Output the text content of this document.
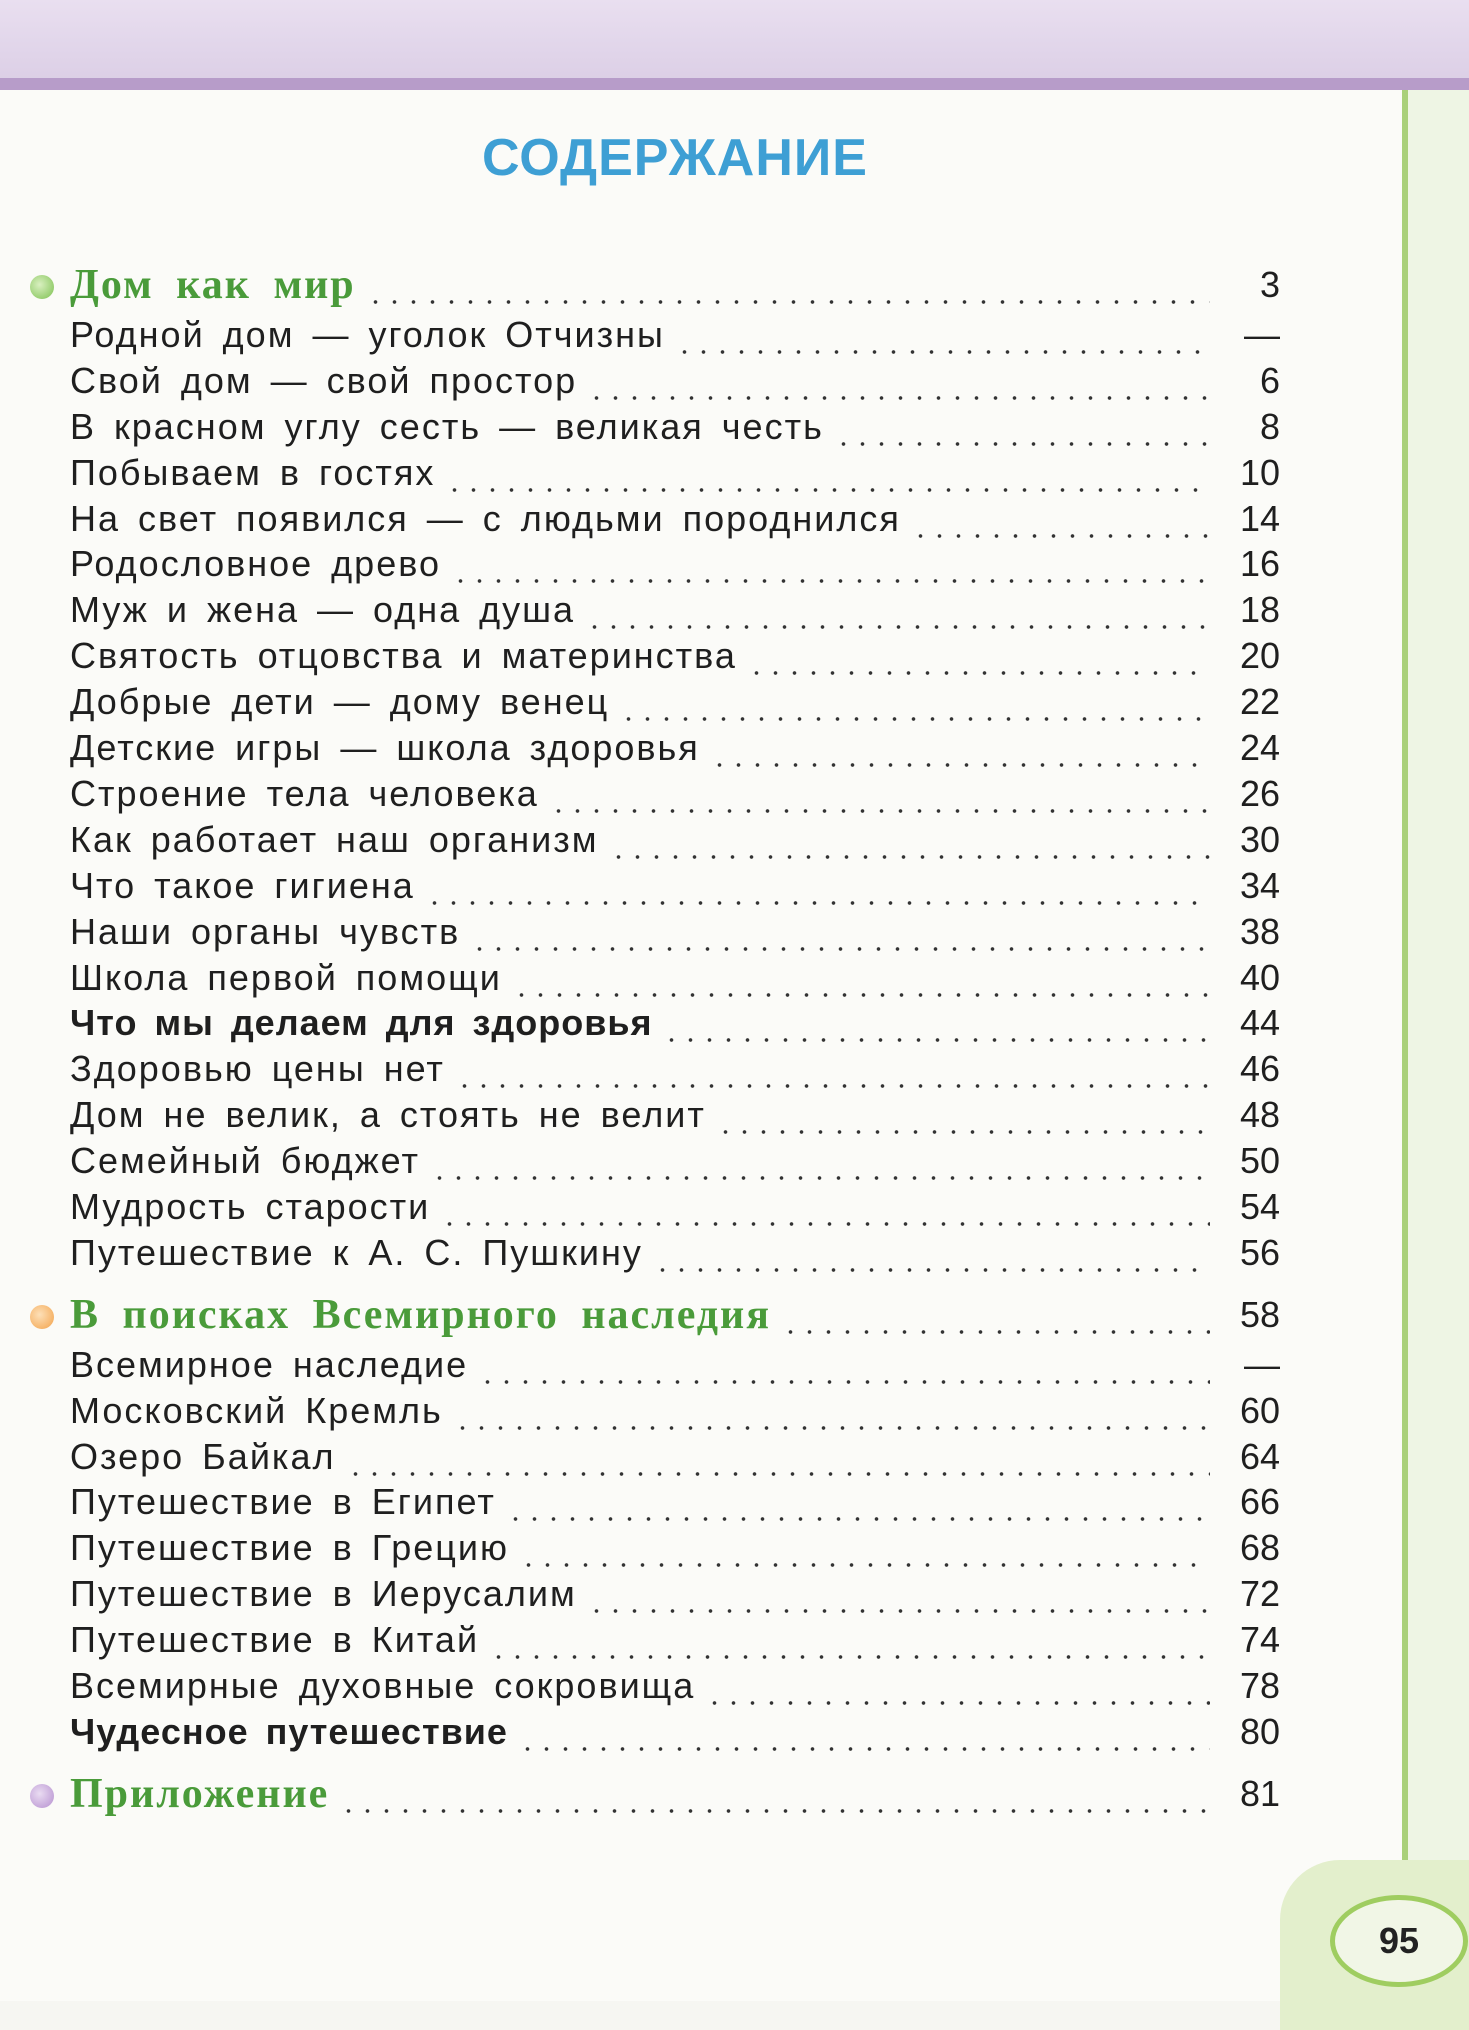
95
СОДЕРЖАНИЕ
Дом как мир	3
Родной дом — уголок Отчизны	—
Свой дом — свой простор	6
В красном углу сесть — великая честь	8
Побываем в гостях	10
На свет появился — с людьми породнился	14
Родословное древо	16
Муж и жена — одна душа	18
Святость отцовства и материнства	20
Добрые дети — дому венец	22
Детские игры — школа здоровья	24
Строение тела человека	26
Как работает наш организм	30
Что такое гигиена	34
Наши органы чувств	38
Школа первой помощи	40
Что мы делаем для здоровья	44
Здоровью цены нет	46
Дом не велик, а стоять не велит	48
Семейный бюджет	50
Мудрость старости	54
Путешествие к А. С. Пушкину	56
В поисках Всемирного наследия	58
Всемирное наследие	—
Московский Кремль	60
Озеро Байкал	64
Путешествие в Египет	66
Путешествие в Грецию	68
Путешествие в Иерусалим	72
Путешествие в Китай	74
Всемирные духовные сокровища	78
Чудесное путешествие	80
Приложение	81
